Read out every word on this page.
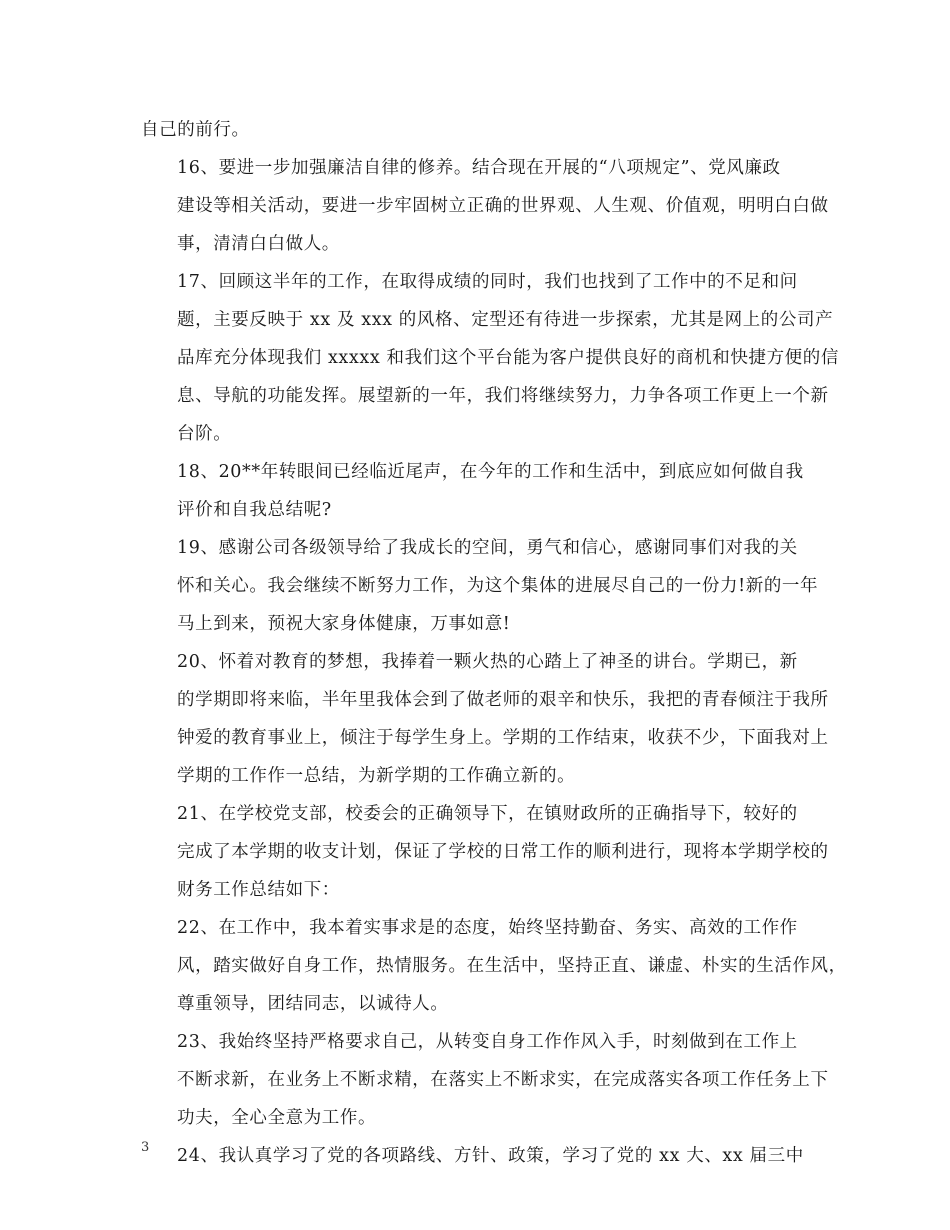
自己的前行。

16、要进一步加强廉洁自律的修养。结合现在开展的“八项规定”、党风廉政
建设等相关活动，要进一步牢固树立正确的世界观、人生观、价值观，明明白白做
事，清清白白做人。

17、回顾这半年的工作，在取得成绩的同时，我们也找到了工作中的不足和问
题，主要反映于 xx 及 xxx 的风格、定型还有待进一步探索，尤其是网上的公司产
品库充分体现我们 xxxxx 和我们这个平台能为客户提供良好的商机和快捷方便的信
息、导航的功能发挥。展望新的一年，我们将继续努力，力争各项工作更上一个新
台阶。

18、20**年转眼间已经临近尾声，在今年的工作和生活中，到底应如何做自我
评价和自我总结呢?

19、感谢公司各级领导给了我成长的空间，勇气和信心，感谢同事们对我的关
怀和关心。我会继续不断努力工作，为这个集体的进展尽自己的一份力!新的一年
马上到来，预祝大家身体健康，万事如意!

20、怀着对教育的梦想，我捧着一颗火热的心踏上了神圣的讲台。学期已，新
的学期即将来临，半年里我体会到了做老师的艰辛和快乐，我把的青春倾注于我所
钟爱的教育事业上，倾注于每学生身上。学期的工作结束，收获不少，下面我对上
学期的工作作一总结，为新学期的工作确立新的。

21、在学校党支部，校委会的正确领导下，在镇财政所的正确指导下，较好的
完成了本学期的收支计划，保证了学校的日常工作的顺利进行，现将本学期学校的
财务工作总结如下：

22、在工作中，我本着实事求是的态度，始终坚持勤奋、务实、高效的工作作
风，踏实做好自身工作，热情服务。在生活中，坚持正直、谦虚、朴实的生活作风，
尊重领导，团结同志，以诚待人。

23、我始终坚持严格要求自己，从转变自身工作作风入手，时刻做到在工作上
不断求新，在业务上不断求精，在落实上不断求实，在完成落实各项工作任务上下
功夫，全心全意为工作。

24、我认真学习了党的各项路线、方针、政策，学习了党的 xx 大、xx 届三中

3
